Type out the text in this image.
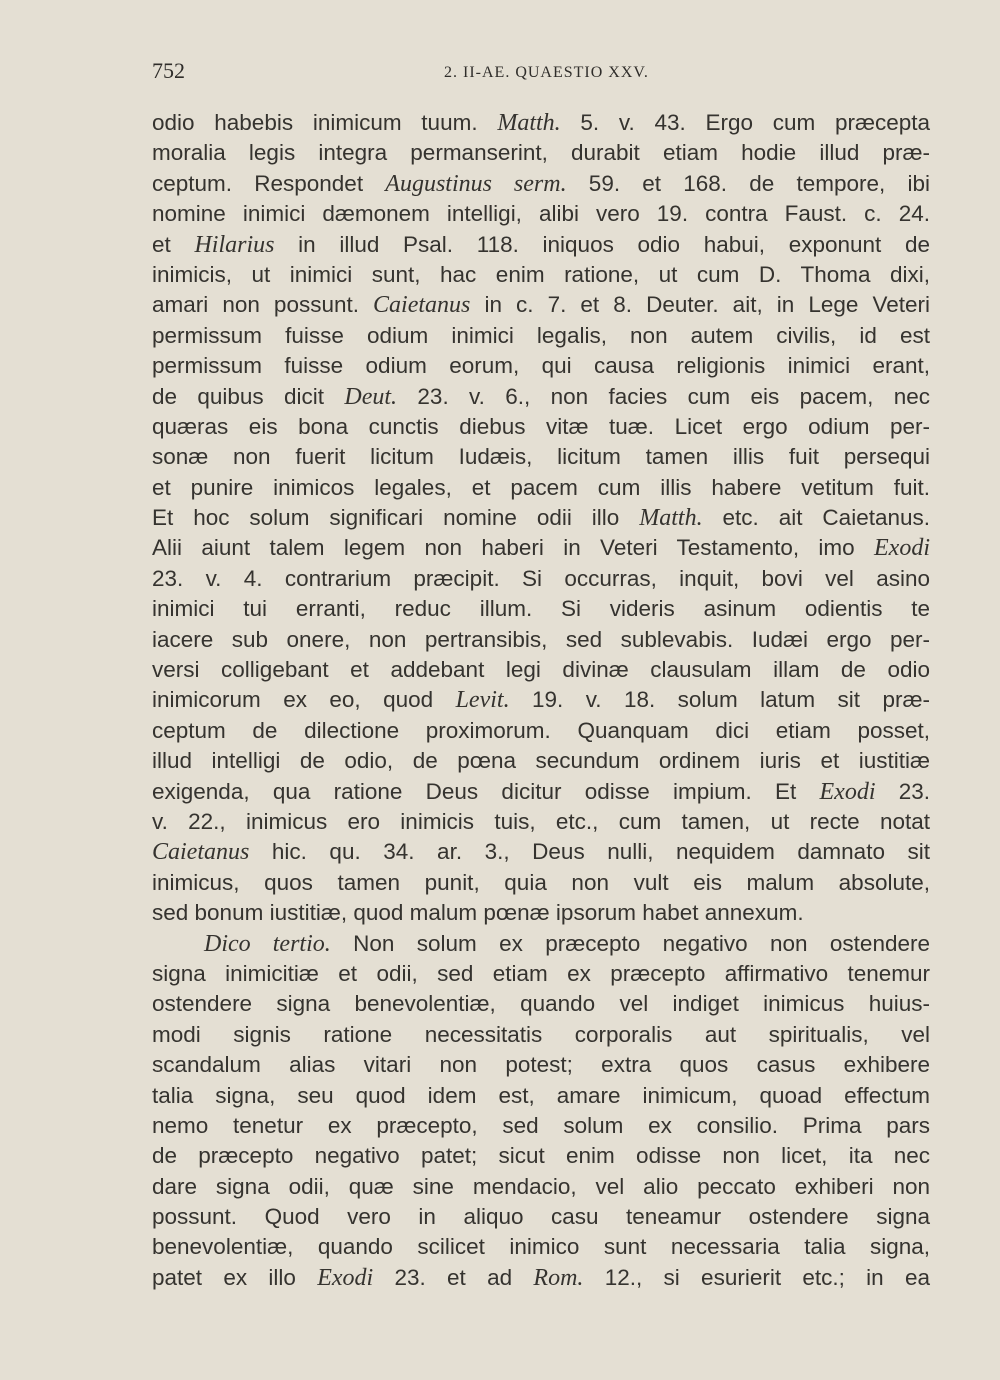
752	2. II-AE. QUAESTIO XXV.
odio habebis inimicum tuum. Matth. 5. v. 43. Ergo cum præcepta
moralia legis integra permanserint, durabit etiam hodie illud præ-
ceptum. Respondet Augustinus serm. 59. et 168. de tempore, ibi
nomine inimici dæmonem intelligi, alibi vero 19. contra Faust. c. 24.
et Hilarius in illud Psal. 118. iniquos odio habui, exponunt de
inimicis, ut inimici sunt, hac enim ratione, ut cum D. Thoma dixi,
amari non possunt. Caietanus in c. 7. et 8. Deuter. ait, in Lege Veteri
permissum fuisse odium inimici legalis, non autem civilis, id est
permissum fuisse odium eorum, qui causa religionis inimici erant,
de quibus dicit Deut. 23. v. 6., non facies cum eis pacem, nec
quæras eis bona cunctis diebus vitæ tuæ. Licet ergo odium per-
sonæ non fuerit licitum Iudæis, licitum tamen illis fuit persequi
et punire inimicos legales, et pacem cum illis habere vetitum fuit.
Et hoc solum significari nomine odii illo Matth. etc. ait Caietanus.
Alii aiunt talem legem non haberi in Veteri Testamento, imo Exodi
23. v. 4. contrarium præcipit. Si occurras, inquit, bovi vel asino
inimici tui erranti, reduc illum. Si videris asinum odientis te
iacere sub onere, non pertransibis, sed sublevabis. Iudæi ergo per-
versi colligebant et addebant legi divinæ clausulam illam de odio
inimicorum ex eo, quod Levit. 19. v. 18. solum latum sit præ-
ceptum de dilectione proximorum. Quanquam dici etiam posset,
illud intelligi de odio, de pœna secundum ordinem iuris et iustitiæ
exigenda, qua ratione Deus dicitur odisse impium. Et Exodi 23.
v. 22., inimicus ero inimicis tuis, etc., cum tamen, ut recte notat
Caietanus hic. qu. 34. ar. 3., Deus nulli, nequidem damnato sit
inimicus, quos tamen punit, quia non vult eis malum absolute,
sed bonum iustitiæ, quod malum pœnæ ipsorum habet annexum.
Dico tertio. Non solum ex præcepto negativo non ostendere
signa inimicitiæ et odii, sed etiam ex præcepto affirmativo tenemur
ostendere signa benevolentiæ, quando vel indiget inimicus huius-
modi signis ratione necessitatis corporalis aut spiritualis, vel
scandalum alias vitari non potest; extra quos casus exhibere
talia signa, seu quod idem est, amare inimicum, quoad effectum
nemo tenetur ex præcepto, sed solum ex consilio. Prima pars
de præcepto negativo patet; sicut enim odisse non licet, ita nec
dare signa odii, quæ sine mendacio, vel alio peccato exhiberi non
possunt. Quod vero in aliquo casu teneamur ostendere signa
benevolentiæ, quando scilicet inimico sunt necessaria talia signa,
patet ex illo Exodi 23. et ad Rom. 12., si esurierit etc.; in ea
